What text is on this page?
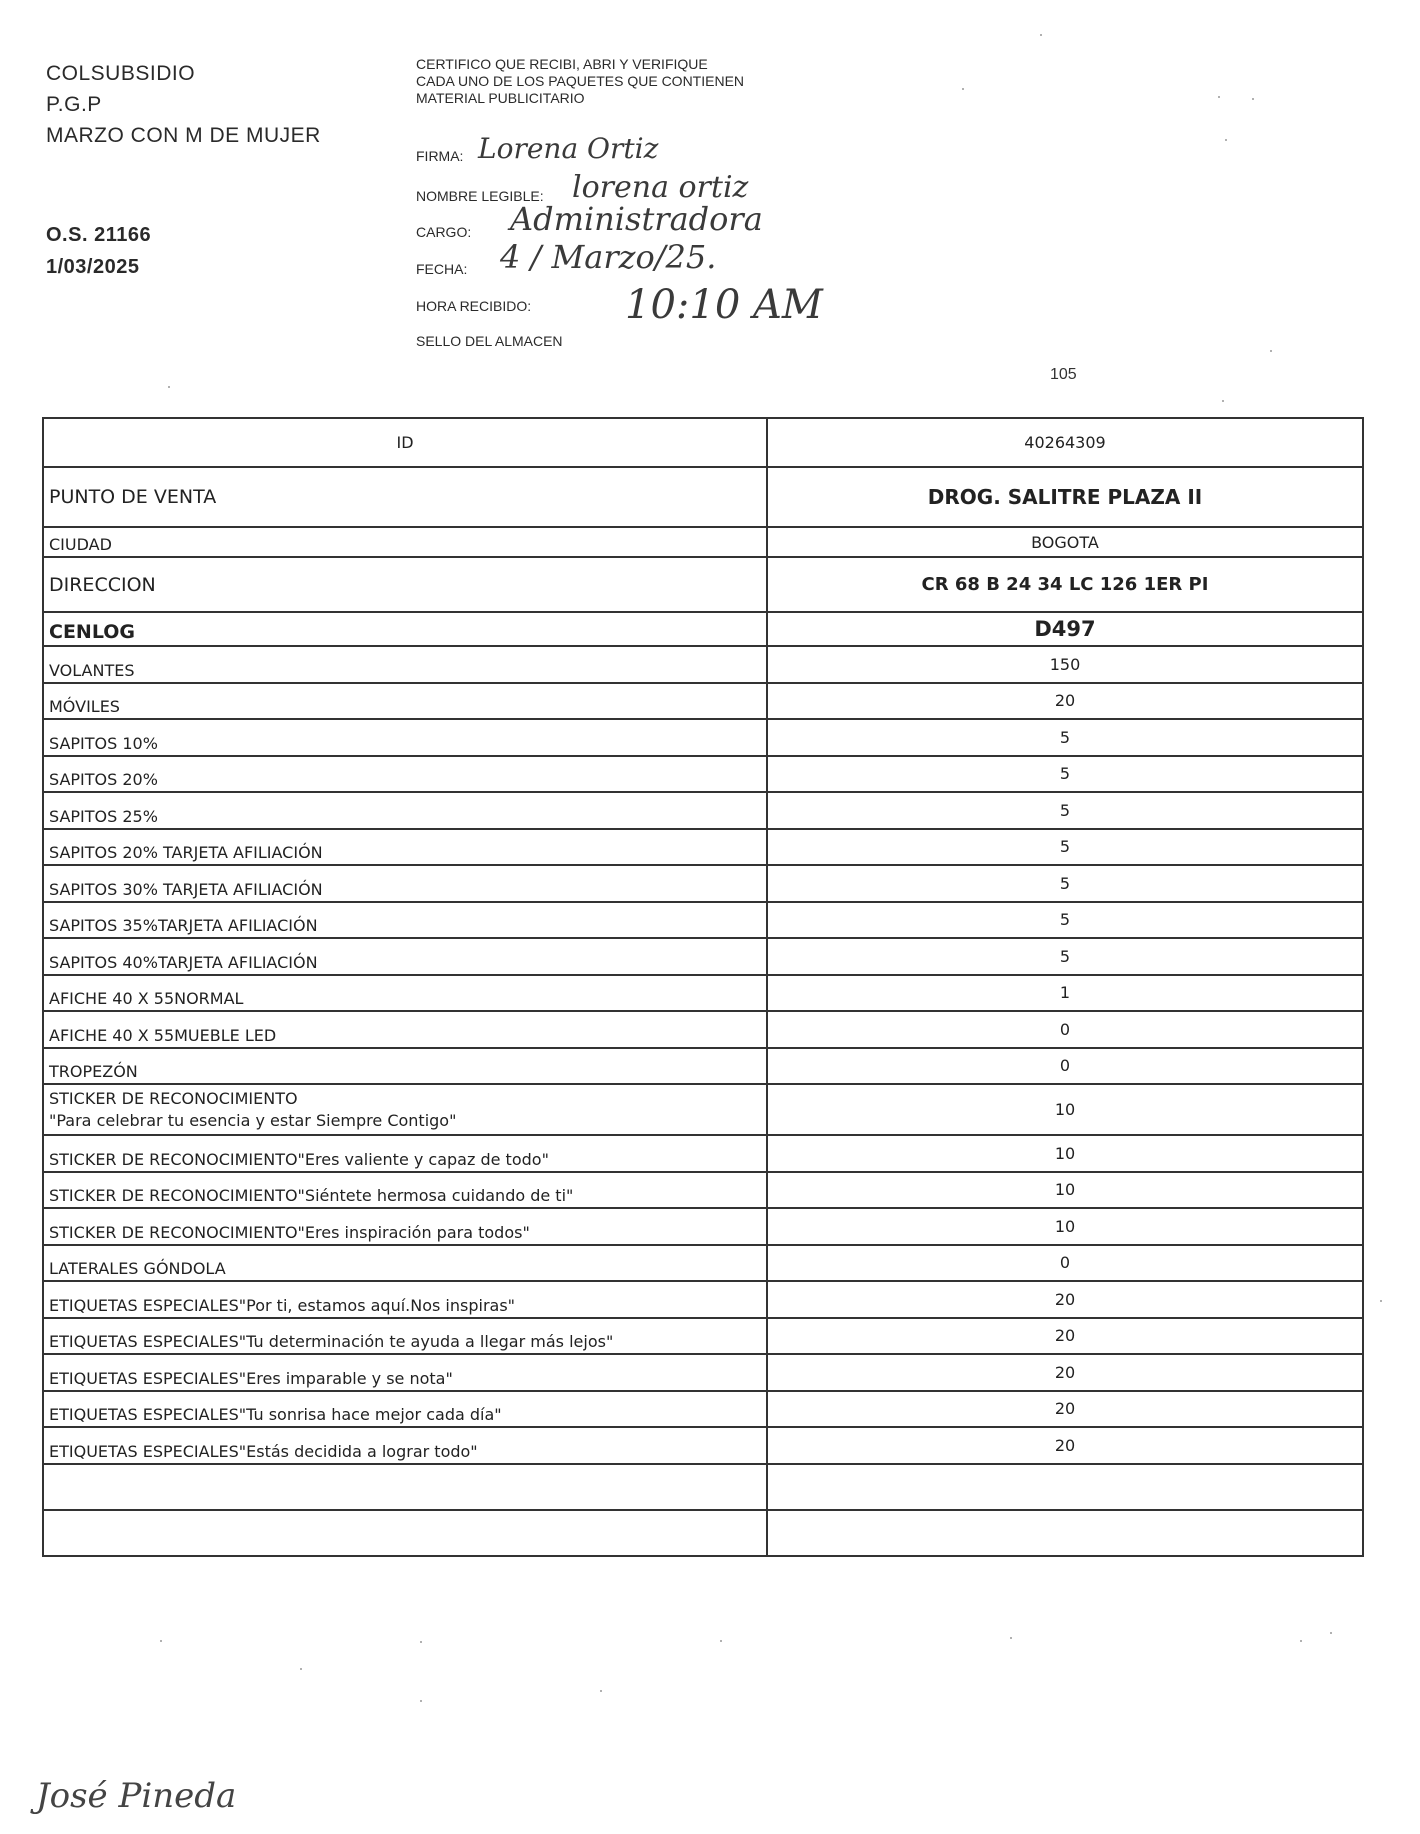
COLSUBSIDIO
P.G.P
MARZO CON M DE MUJER
O.S. 21166
1/03/2025
CERTIFICO QUE RECIBI, ABRI Y VERIFIQUE CADA UNO DE LOS PAQUETES QUE CONTIENEN MATERIAL PUBLICITARIO
FIRMA: Lorena Ortiz
NOMBRE LEGIBLE: lorena ortiz
CARGO: Administradora
FECHA: 4 / Marzo/25.
HORA RECIBIDO: 10:10 AM
SELLO DEL ALMACEN
105
ID	40264309
PUNTO DE VENTA	DROG. SALITRE PLAZA II
CIUDAD	BOGOTA
DIRECCION	CR 68 B 24 34 LC 126 1ER PI
CENLOG	D497
VOLANTES	150
MÓVILES	20
SAPITOS 10%	5
SAPITOS 20%	5
SAPITOS 25%	5
SAPITOS 20% TARJETA AFILIACIÓN	5
SAPITOS 30% TARJETA AFILIACIÓN	5
SAPITOS 35%TARJETA AFILIACIÓN	5
SAPITOS 40%TARJETA AFILIACIÓN	5
AFICHE 40 X 55NORMAL	1
AFICHE 40 X 55MUEBLE LED	0
TROPEZÓN	0

STICKER DE RECONOCIMIENTO
"Para celebrar tu esencia y estar Siempre Contigo"	10
STICKER DE RECONOCIMIENTO"Eres valiente y capaz de todo"	10
STICKER DE RECONOCIMIENTO"Siéntete hermosa cuidando de ti"	10
STICKER DE RECONOCIMIENTO"Eres inspiración para todos"	10
LATERALES GÓNDOLA	0
ETIQUETAS ESPECIALES"Por ti, estamos aquí.Nos inspiras"	20
ETIQUETAS ESPECIALES"Tu determinación te ayuda a llegar más lejos"	20
ETIQUETAS ESPECIALES"Eres imparable y se nota"	20
ETIQUETAS ESPECIALES"Tu sonrisa hace mejor cada día"	20
ETIQUETAS ESPECIALES"Estás decidida a lograr todo"	20

José Pineda
